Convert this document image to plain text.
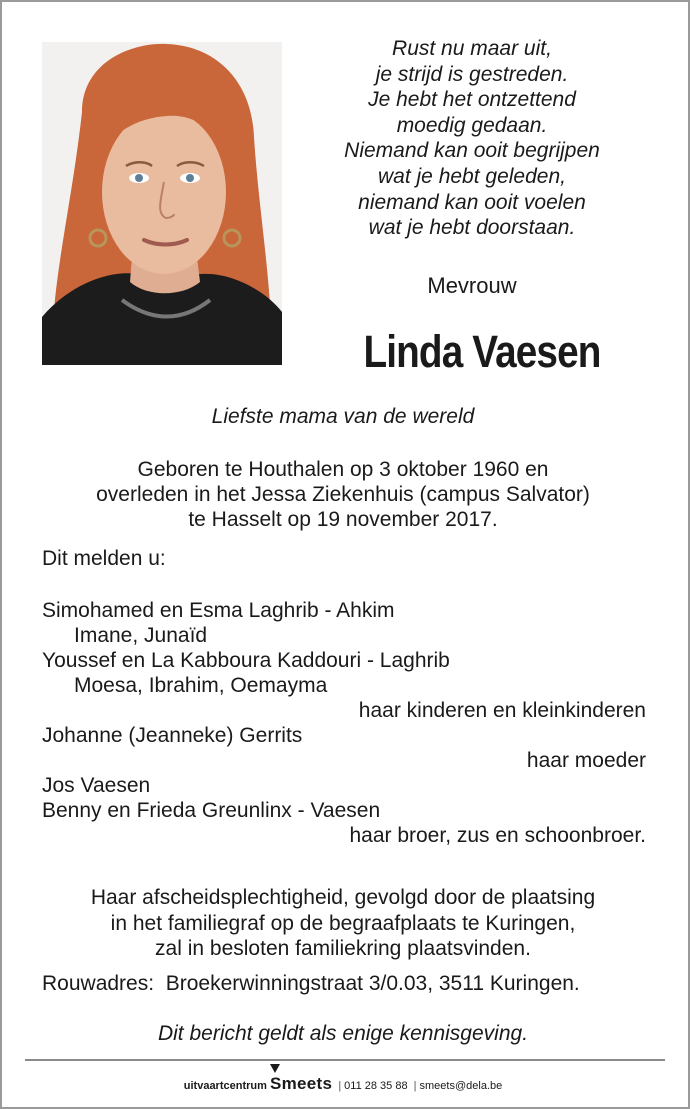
Rust nu maar uit,
je strijd is gestreden.
Je hebt het ontzettend
moedig gedaan.
Niemand kan ooit begrijpen
wat je hebt geleden,
niemand kan ooit voelen
wat je hebt doorstaan.
Mevrouw
Linda Vaesen
Liefste mama van de wereld
Geboren te Houthalen op 3 oktober 1960 en
overleden in het Jessa Ziekenhuis (campus Salvator)
te Hasselt op 19 november 2017.
Dit melden u:
Simohamed en Esma Laghrib - Ahkim
Imane, Junaïd
Youssef en La Kabboura Kaddouri - Laghrib
Moesa, Ibrahim, Oemayma
haar kinderen en kleinkinderen
Johanne (Jeanneke) Gerrits
haar moeder
Jos Vaesen
Benny en Frieda Greunlinx - Vaesen
haar broer, zus en schoonbroer.
Haar afscheidsplechtigheid, gevolgd door de plaatsing
in het familiegraf op de begraafplaats te Kuringen,
zal in besloten familiekring plaatsvinden.
Rouwadres:  Broekerwinningstraat 3/0.03, 3511 Kuringen.
Dit bericht geldt als enige kennisgeving.
uitvaartcentrum Smeets | 011 28 35 88 | smeets@dela.be
